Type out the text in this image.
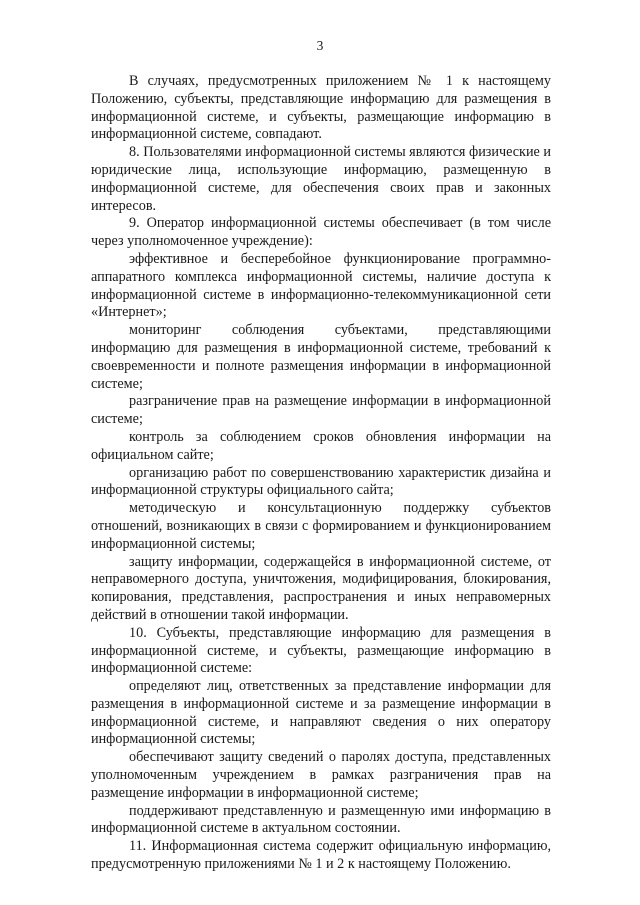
3

В случаях, предусмотренных приложением № 1 к настоящему Положению, субъекты, представляющие информацию для размещения в информационной системе, и субъекты, размещающие информацию в информационной системе, совпадают.

8. Пользователями информационной системы являются физические и юридические лица, использующие информацию, размещенную в информационной системе, для обеспечения своих прав и законных интересов.

9. Оператор информационной системы обеспечивает (в том числе через уполномоченное учреждение):

эффективное и бесперебойное функционирование программно-аппаратного комплекса информационной системы, наличие доступа к информационной системе в информационно-телекоммуникационной сети «Интернет»;

мониторинг соблюдения субъектами, представляющими информацию для размещения в информационной системе, требований к своевременности и полноте размещения информации в информационной системе;

разграничение прав на размещение информации в информационной системе;

контроль за соблюдением сроков обновления информации на официальном сайте;

организацию работ по совершенствованию характеристик дизайна и информационной структуры официального сайта;

методическую и консультационную поддержку субъектов отношений, возникающих в связи с формированием и функционированием информационной системы;

защиту информации, содержащейся в информационной системе, от неправомерного доступа, уничтожения, модифицирования, блокирования, копирования, представления, распространения и иных неправомерных действий в отношении такой информации.

10. Субъекты, представляющие информацию для размещения в информационной системе, и субъекты, размещающие информацию в информационной системе:

определяют лиц, ответственных за представление информации для размещения в информационной системе и за размещение информации в информационной системе, и направляют сведения о них оператору информационной системы;

обеспечивают защиту сведений о паролях доступа, представленных уполномоченным учреждением в рамках разграничения прав на размещение информации в информационной системе;

поддерживают представленную и размещенную ими информацию в информационной системе в актуальном состоянии.

11. Информационная система содержит официальную информацию, предусмотренную приложениями № 1 и 2 к настоящему Положению.
